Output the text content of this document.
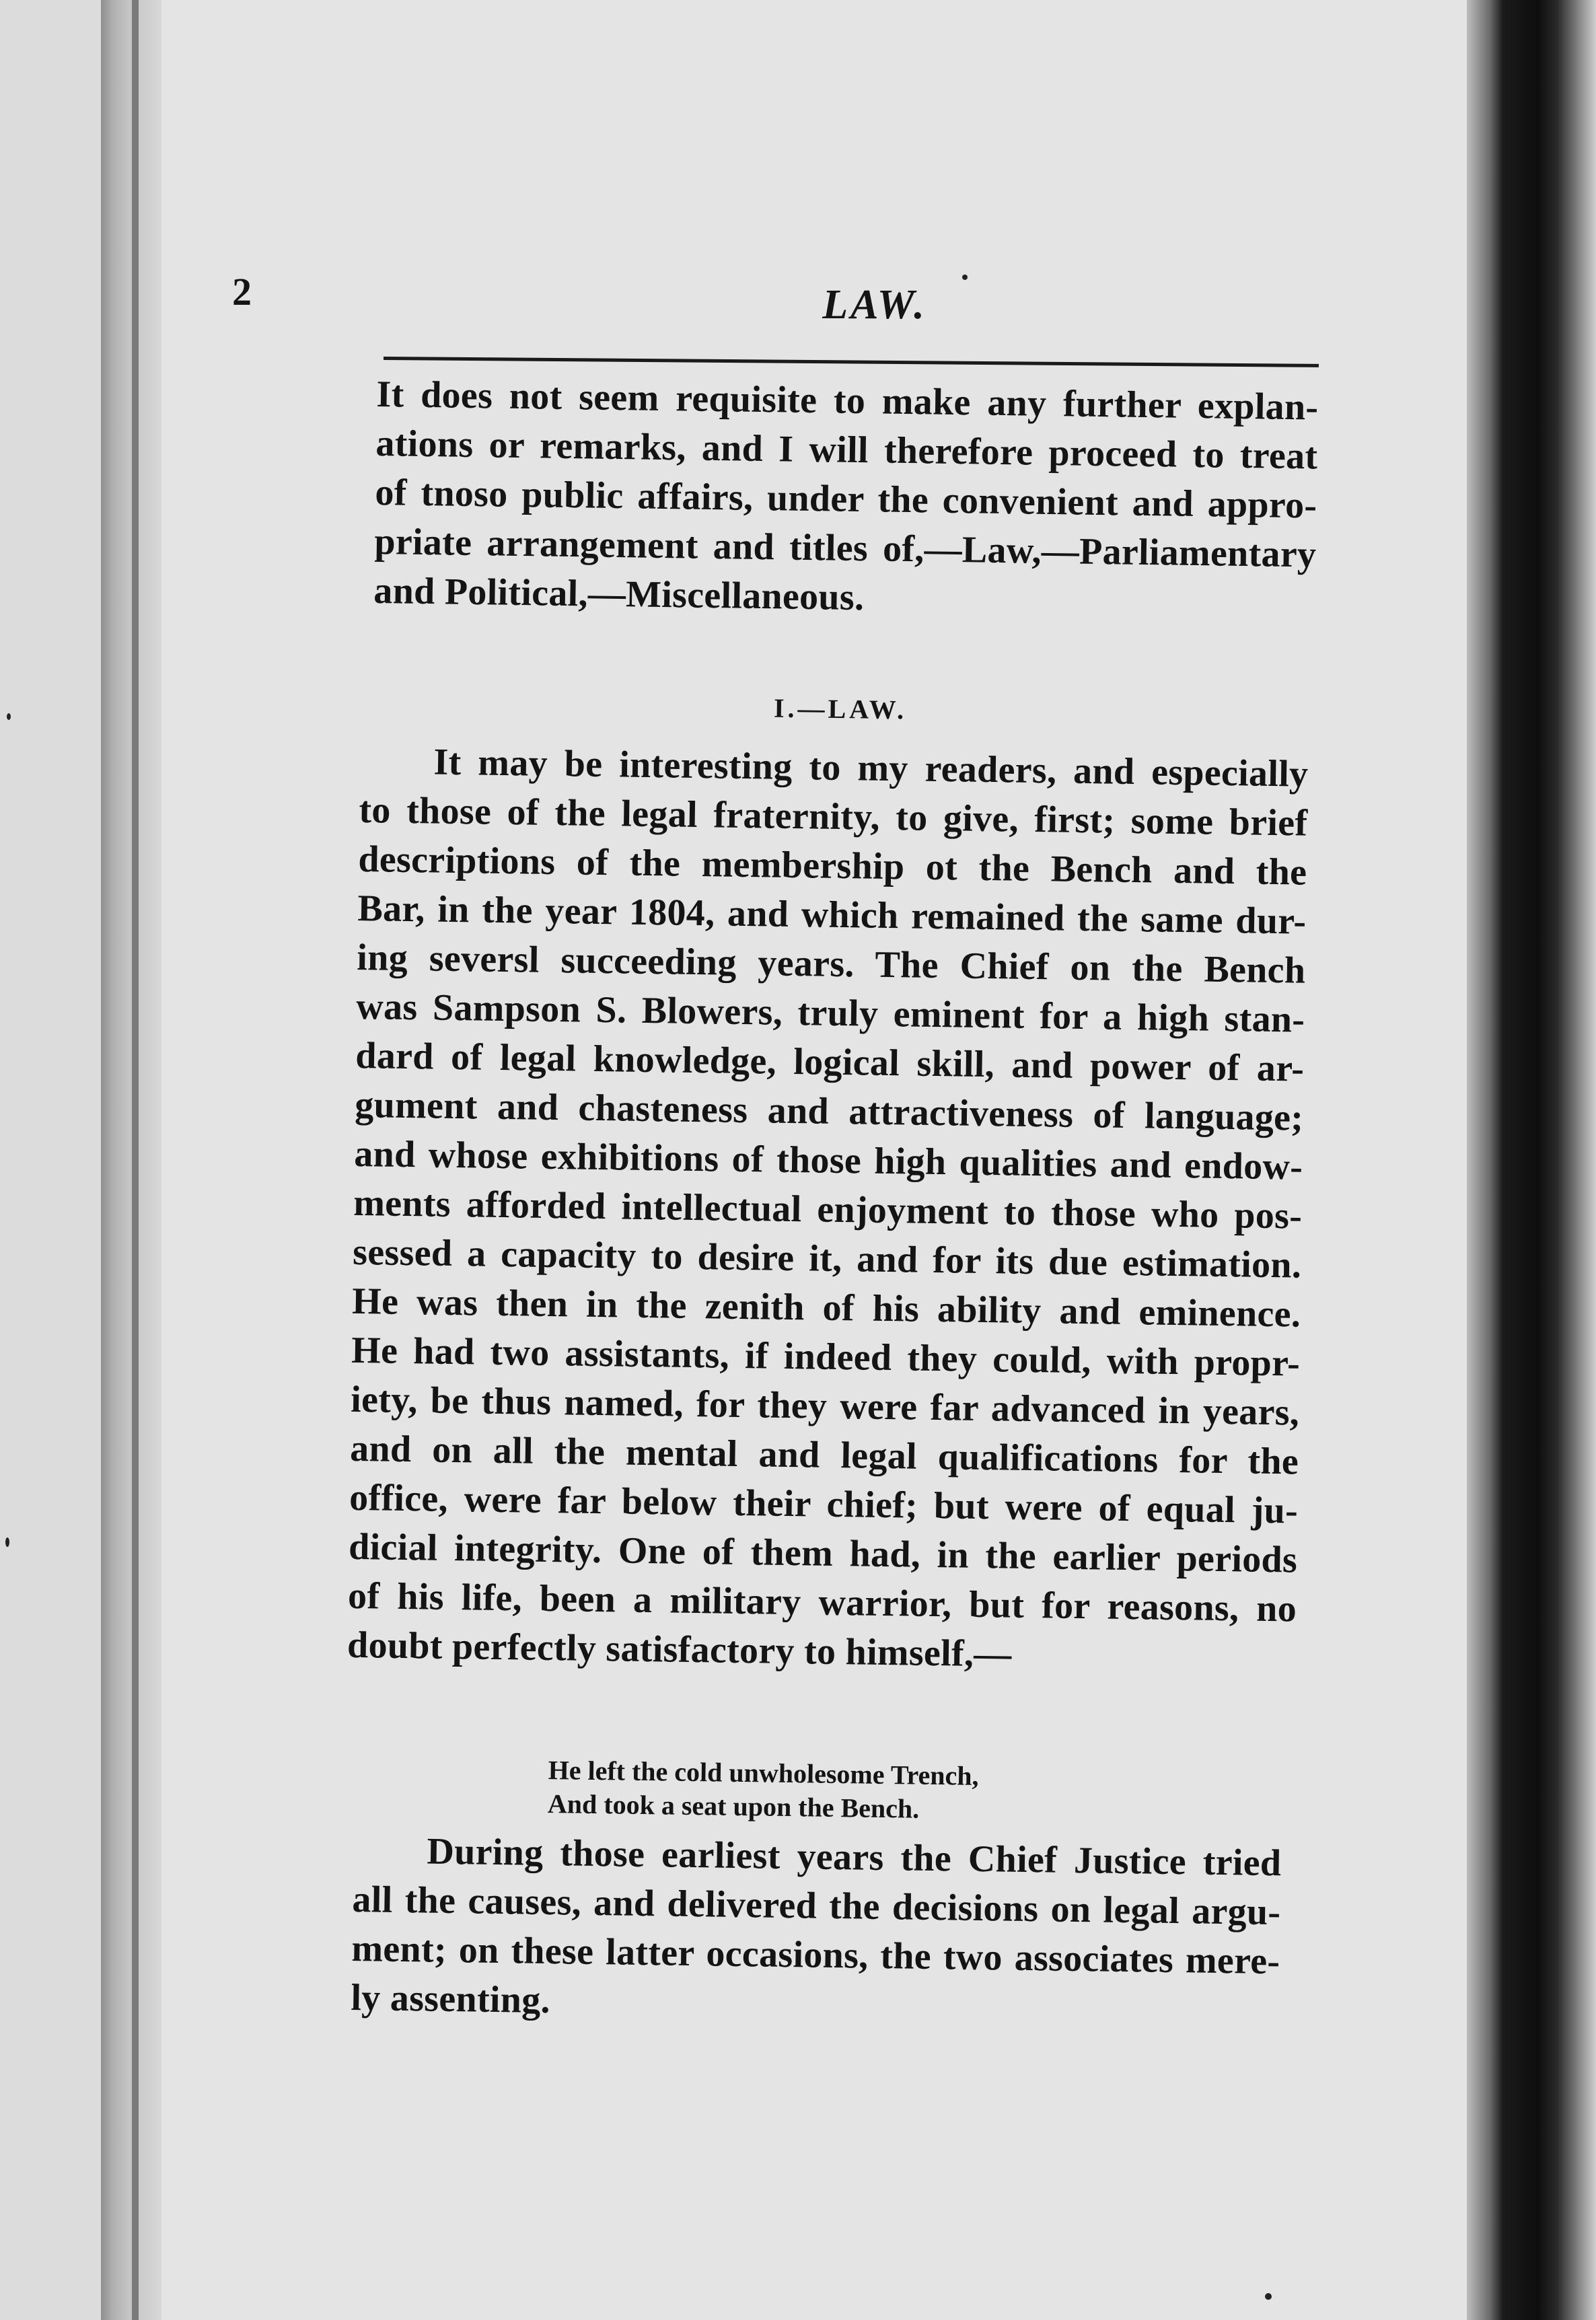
2	LAW.

It does not seem requisite to make any further explan-
ations or remarks, and I will therefore proceed to treat
of tnoso public affairs, under the convenient and appro-
priate arrangement and titles of,—Law,—Parliamentary
and Political,—Miscellaneous.

I.—LAW.

It may be interesting to my readers, and especially
to those of the legal fraternity, to give, first; some brief
descriptions of the membership ot the Bench and the
Bar, in the year 1804, and which remained the same dur-
ing seversl succeeding years. The Chief on the Bench
was Sampson S. Blowers, truly eminent for a high stan-
dard of legal knowledge, logical skill, and power of ar-
gument and chasteness and attractiveness of language;
and whose exhibitions of those high qualities and endow-
ments afforded intellectual enjoyment to those who pos-
sessed a capacity to desire it, and for its due estimation.
He was then in the zenith of his ability and eminence.
He had two assistants, if indeed they could, with propr-
iety, be thus named, for they were far advanced in years,
and on all the mental and legal qualifications for the
office, were far below their chief; but were of equal ju-
dicial integrity. One of them had, in the earlier periods
of his life, been a military warrior, but for reasons, no
doubt perfectly satisfactory to himself,—
He left the cold unwholesome Trench,
And took a seat upon the Bench.
During those earliest years the Chief Justice tried
all the causes, and delivered the decisions on legal argu-
ment; on these latter occasions, the two associates mere-
ly assenting.
